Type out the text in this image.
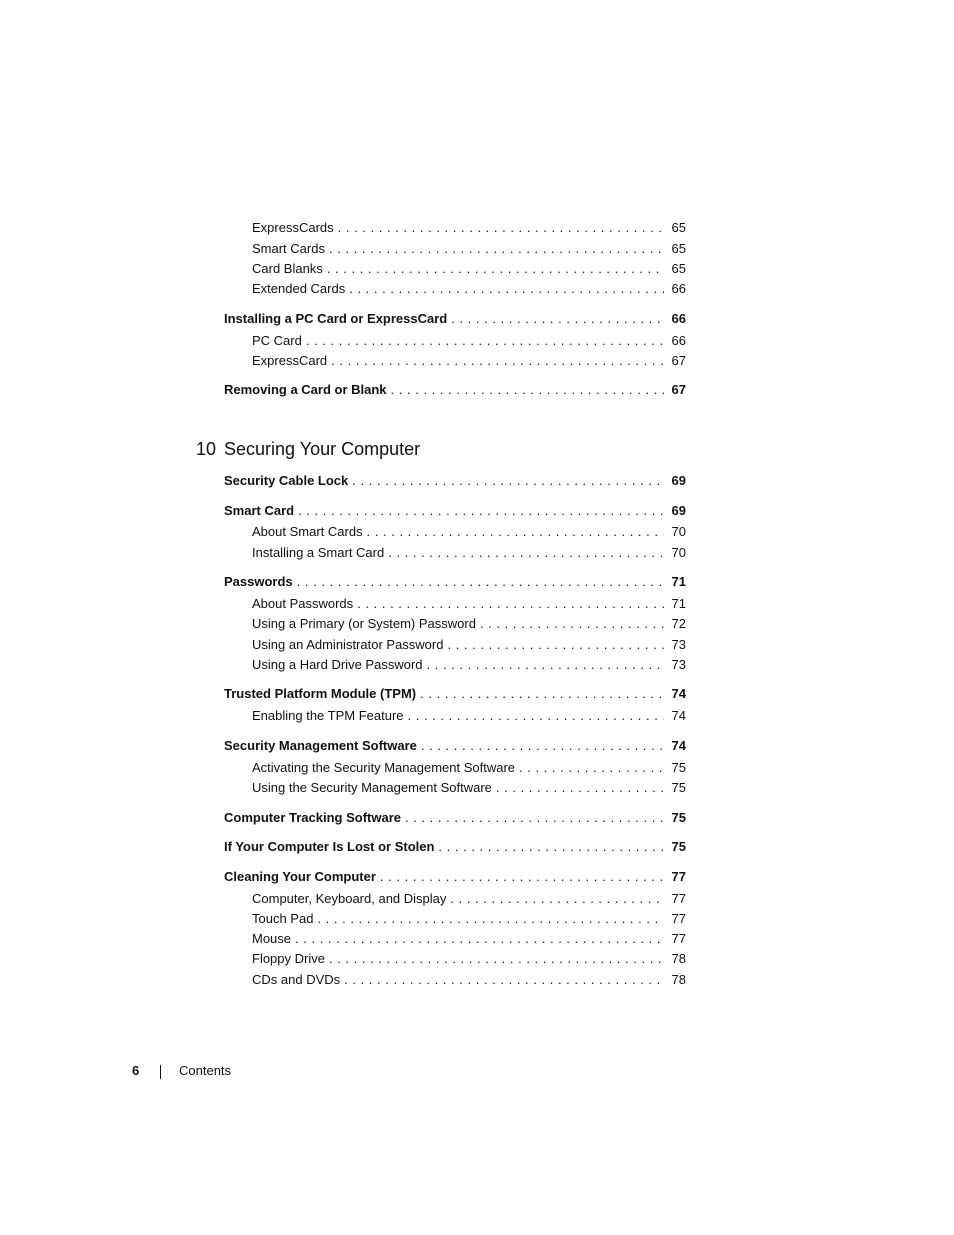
ExpressCards . . .	65
Smart Cards . . .	65
Card Blanks . . .	65
Extended Cards . . .	66
Installing a PC Card or ExpressCard . . .	66
PC Card . . .	66
ExpressCard . . .	67
Removing a Card or Blank . . .	67
10 Securing Your Computer
Security Cable Lock . . .	69
Smart Card . . .	69
About Smart Cards . . .	70
Installing a Smart Card . . .	70
Passwords . . .	71
About Passwords . . .	71
Using a Primary (or System) Password . . .	72
Using an Administrator Password . . .	73
Using a Hard Drive Password . . .	73
Trusted Platform Module (TPM) . . .	74
Enabling the TPM Feature . . .	74
Security Management Software . . .	74
Activating the Security Management Software . . .	75
Using the Security Management Software . . .	75
Computer Tracking Software . . .	75
If Your Computer Is Lost or Stolen . . .	75
Cleaning Your Computer . . .	77
Computer, Keyboard, and Display . . .	77
Touch Pad . . .	77
Mouse . . .	77
Floppy Drive . . .	78
CDs and DVDs . . .	78
6	Contents
